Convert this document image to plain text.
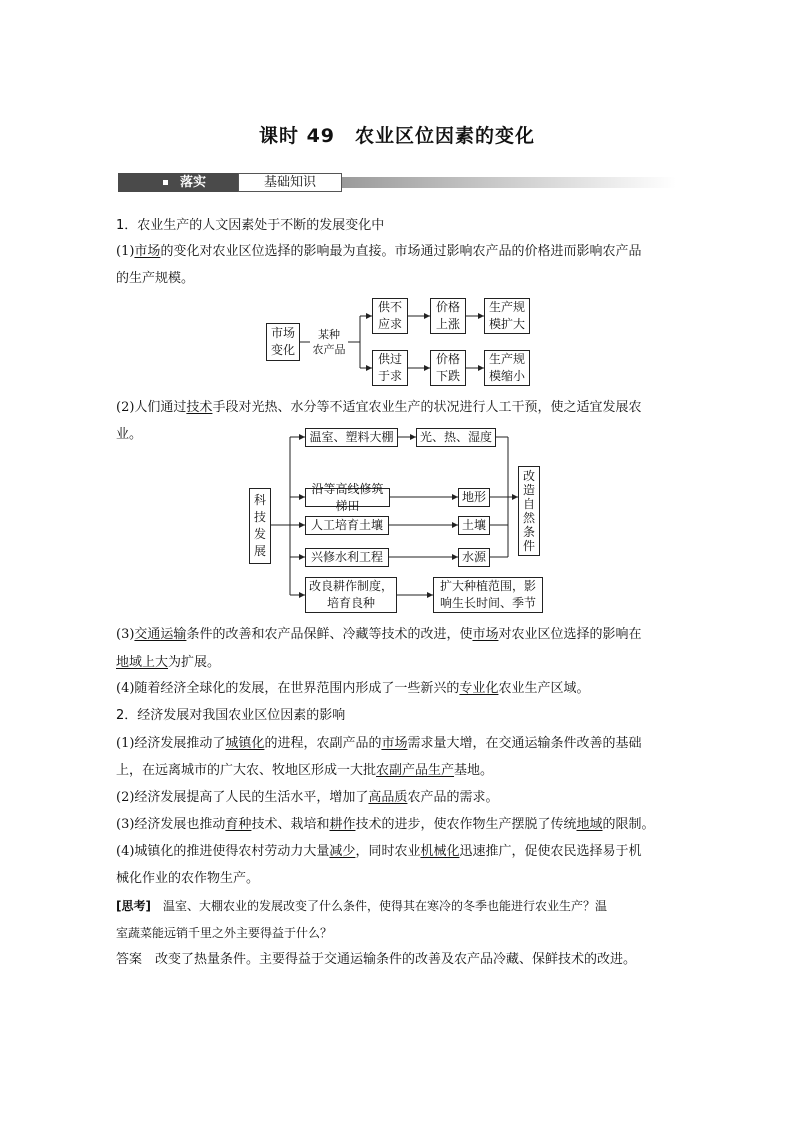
课时 49　农业区位因素的变化
落实	基础知识
1．农业生产的人文因素处于不断的发展变化中
(1)市场的变化对农业区位选择的影响最为直接。市场通过影响农产品的价格进而影响农产品
的生产规模。
市场
变化
某种
农产品
供不
应求
价格
上涨
生产规
模扩大
供过
于求
价格
下跌
生产规
模缩小
(2)人们通过技术手段对光热、水分等不适宜农业生产的状况进行人工干预，使之适宜发展农
业。
科
技
发
展
温室、塑料大棚
沿等高线修筑梯田
人工培育土壤
兴修水利工程
改良耕作制度，
培育良种
光、热、湿度
地形
土壤
水源
扩大种植范围，影
响生长时间、季节
改
造
自
然
条
件
(3)交通运输条件的改善和农产品保鲜、冷藏等技术的改进，使市场对农业区位选择的影响在
地域上大为扩展。
(4)随着经济全球化的发展，在世界范围内形成了一些新兴的专业化农业生产区域。
2．经济发展对我国农业区位因素的影响
(1)经济发展推动了城镇化的进程，农副产品的市场需求量大增，在交通运输条件改善的基础
上，在远离城市的广大农、牧地区形成一大批农副产品生产基地。
(2)经济发展提高了人民的生活水平，增加了高品质农产品的需求。
(3)经济发展也推动育种技术、栽培和耕作技术的进步，使农作物生产摆脱了传统地域的限制。
(4)城镇化的推进使得农村劳动力大量减少，同时农业机械化迅速推广，促使农民选择易于机
械化作业的农作物生产。
[思考]　 温室、大棚农业的发展改变了什么条件，使得其在寒冷的冬季也能进行农业生产？温
室蔬菜能远销千里之外主要得益于什么？
答案　 改变了热量条件。主要得益于交通运输条件的改善及农产品冷藏、保鲜技术的改进。
